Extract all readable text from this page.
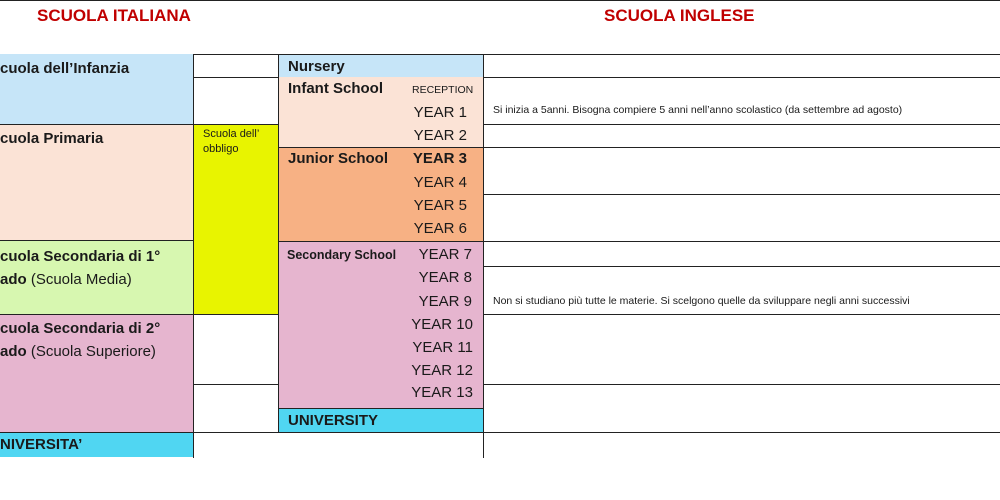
SCUOLA ITALIANA	SCUOLA INGLESE
cuola dell’Infanzia
cuola Primaria
cuola Secondaria di 1°
ado (Scuola Media)
cuola Secondaria di 2°
ado (Scuola Superiore)
NIVERSITA’
Scuola dell’
obbligo
Nursery
Infant School
Junior School
Secondary School
UNIVERSITY
RECEPTION
YEAR 1
YEAR 2
YEAR 3
YEAR 4
YEAR 5
YEAR 6
YEAR 7
YEAR 8
YEAR 9
YEAR 10
YEAR 11
YEAR 12
YEAR 13
Si inizia a 5anni. Bisogna compiere 5 anni nell’anno scolastico (da settembre ad agosto)
Non si studiano più tutte le materie. Si scelgono quelle da sviluppare negli anni successivi
